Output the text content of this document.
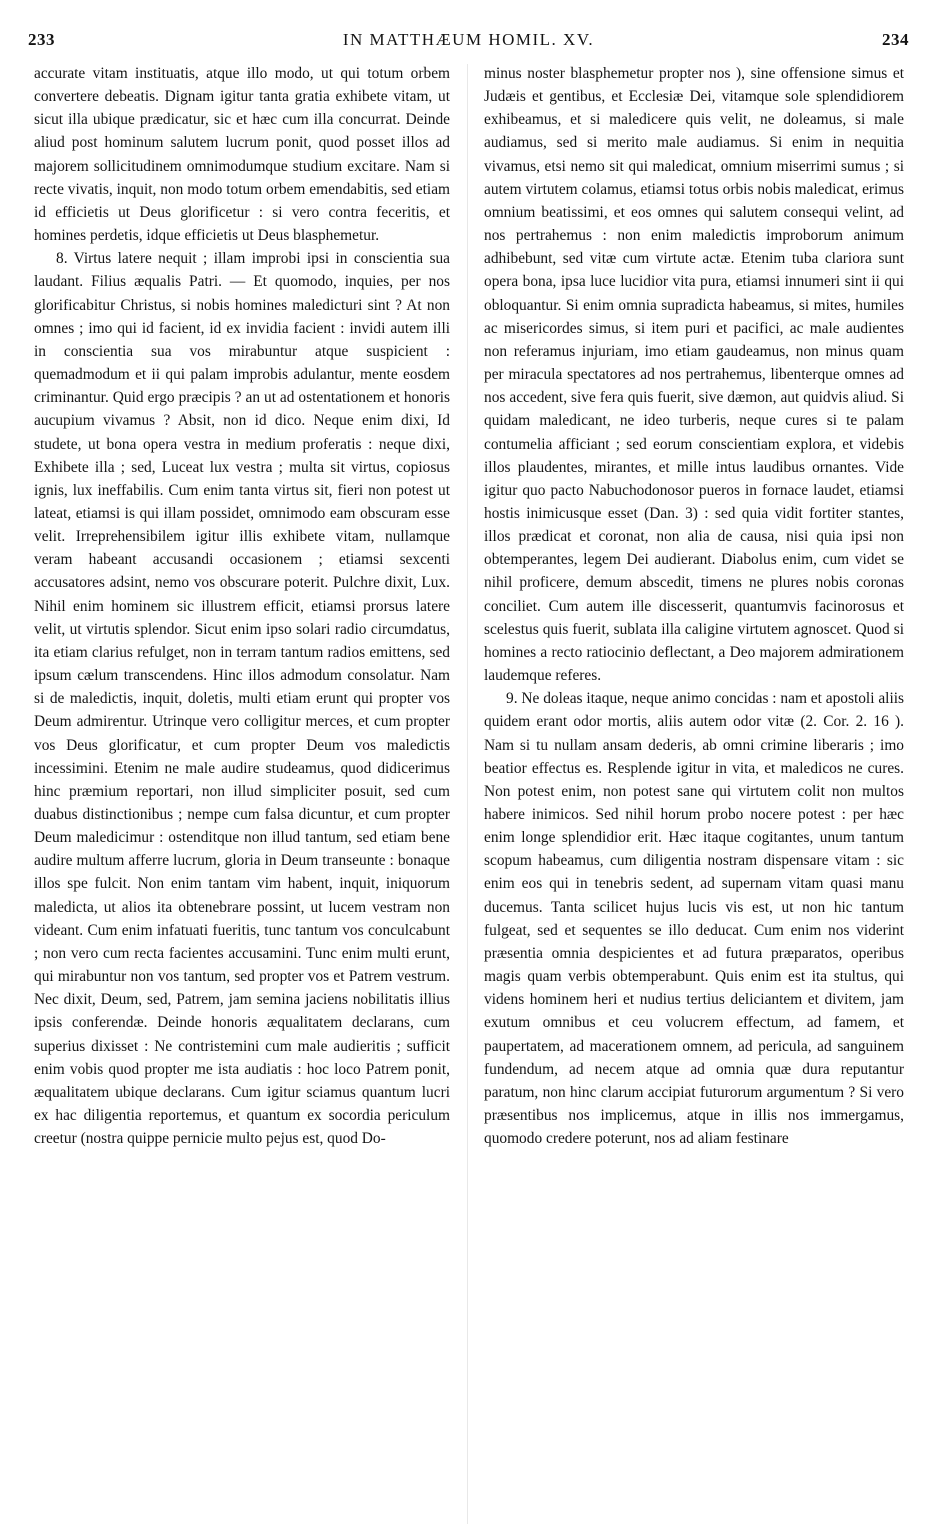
233	IN MATTHÆUM HOMIL. XV.	234

accurate vitam instituatis, atque illo modo, ut qui totum orbem convertere debeatis. Dignam igitur tanta gratia exhibete vitam, ut sicut illa ubique prædicatur, sic et hæc cum illa concurrat. Deinde aliud post hominum salutem lucrum ponit, quod posset illos ad majorem sollicitudinem omnimodumque studium excitare. Nam si recte vivatis, inquit, non modo totum orbem emendabitis, sed etiam id efficietis ut Deus glorificetur : si vero contra feceritis, et homines perdetis, idque efficietis ut Deus blasphemetur.

8. Virtus latere nequit ; illam improbi ipsi in conscientia sua laudant. Filius æqualis Patri. — Et quomodo, inquies, per nos glorificabitur Christus, si nobis homines maledicturi sint ? At non omnes ; imo qui id facient, id ex invidia facient : invidi autem illi in conscientia sua vos mirabuntur atque suspicient : quemadmodum et ii qui palam improbis adulantur, mente eosdem criminantur. Quid ergo præcipis ? an ut ad ostentationem et honoris aucupium vivamus ? Absit, non id dico. Neque enim dixi, Id studete, ut bona opera vestra in medium proferatis : neque dixi, Exhibete illa ; sed, Luceat lux vestra ; multa sit virtus, copiosus ignis, lux ineffabilis. Cum enim tanta virtus sit, fieri non potest ut lateat, etiamsi is qui illam possidet, omnimodo eam obscuram esse velit. Irreprehensibilem igitur illis exhibete vitam, nullamque veram habeant accusandi occasionem ; etiamsi sexcenti accusatores adsint, nemo vos obscurare poterit. Pulchre dixit, Lux. Nihil enim hominem sic illustrem efficit, etiamsi prorsus latere velit, ut virtutis splendor. Sicut enim ipso solari radio circumdatus, ita etiam clarius refulget, non in terram tantum radios emittens, sed ipsum cælum transcendens. Hinc illos admodum consolatur. Nam si de maledictis, inquit, doletis, multi etiam erunt qui propter vos Deum admirentur. Utrinque vero colligitur merces, et cum propter vos Deus glorificatur, et cum propter Deum vos maledictis incessimini. Etenim ne male audire studeamus, quod didicerimus hinc præmium reportari, non illud simpliciter posuit, sed cum duabus distinctionibus ; nempe cum falsa dicuntur, et cum propter Deum maledicimur : ostenditque non illud tantum, sed etiam bene audire multum afferre lucrum, gloria in Deum transeunte : bonaque illos spe fulcit. Non enim tantam vim habent, inquit, iniquorum maledicta, ut alios ita obtenebrare possint, ut lucem vestram non videant. Cum enim infatuati fueritis, tunc tantum vos conculcabunt ; non vero cum recta facientes accusamini. Tunc enim multi erunt, qui mirabuntur non vos tantum, sed propter vos et Patrem vestrum. Nec dixit, Deum, sed, Patrem, jam semina jaciens nobilitatis illius ipsis conferendæ. Deinde honoris æqualitatem declarans, cum superius dixisset : Ne contristemini cum male audieritis ; sufficit enim vobis quod propter me ista audiatis : hoc loco Patrem ponit, æqualitatem ubique declarans. Cum igitur sciamus quantum lucri ex hac diligentia reportemus, et quantum ex socordia periculum creetur (nostra quippe pernicie multo pejus est, quod Do-

minus noster blasphemetur propter nos ), sine offensione simus et Judæis et gentibus, et Ecclesiæ Dei, vitamque sole splendidiorem exhibeamus, et si maledicere quis velit, ne doleamus, si male audiamus, sed si merito male audiamus. Si enim in nequitia vivamus, etsi nemo sit qui maledicat, omnium miserrimi sumus ; si autem virtutem colamus, etiamsi totus orbis nobis maledicat, erimus omnium beatissimi, et eos omnes qui salutem consequi velint, ad nos pertrahemus : non enim maledictis improborum animum adhibebunt, sed vitæ cum virtute actæ. Etenim tuba clariora sunt opera bona, ipsa luce lucidior vita pura, etiamsi innumeri sint ii qui obloquantur. Si enim omnia supradicta habeamus, si mites, humiles ac misericordes simus, si item puri et pacifici, ac male audientes non referamus injuriam, imo etiam gaudeamus, non minus quam per miracula spectatores ad nos pertrahemus, libenterque omnes ad nos accedent, sive fera quis fuerit, sive dæmon, aut quidvis aliud. Si quidam maledicant, ne ideo turberis, neque cures si te palam contumelia afficiant ; sed eorum conscientiam explora, et videbis illos plaudentes, mirantes, et mille intus laudibus ornantes. Vide igitur quo pacto Nabuchodonosor pueros in fornace laudet, etiamsi hostis inimicusque esset (Dan. 3) : sed quia vidit fortiter stantes, illos prædicat et coronat, non alia de causa, nisi quia ipsi non obtemperantes, legem Dei audierant. Diabolus enim, cum videt se nihil proficere, demum abscedit, timens ne plures nobis coronas conciliet. Cum autem ille discesserit, quantumvis facinorosus et scelestus quis fuerit, sublata illa caligine virtutem agnoscet. Quod si homines a recto ratiocinio deflectant, a Deo majorem admirationem laudemque referes.

9. Ne doleas itaque, neque animo concidas : nam et apostoli aliis quidem erant odor mortis, aliis autem odor vitæ (2. Cor. 2. 16 ). Nam si tu nullam ansam dederis, ab omni crimine liberaris ; imo beatior effectus es. Resplende igitur in vita, et maledicos ne cures. Non potest enim, non potest sane qui virtutem colit non multos habere inimicos. Sed nihil horum probo nocere potest : per hæc enim longe splendidior erit. Hæc itaque cogitantes, unum tantum scopum habeamus, cum diligentia nostram dispensare vitam : sic enim eos qui in tenebris sedent, ad supernam vitam quasi manu ducemus. Tanta scilicet hujus lucis vis est, ut non hic tantum fulgeat, sed et sequentes se illo deducat. Cum enim nos viderint præsentia omnia despicientes et ad futura præparatos, operibus magis quam verbis obtemperabunt. Quis enim est ita stultus, qui videns hominem heri et nudius tertius deliciantem et divitem, jam exutum omnibus et ceu volucrem effectum, ad famem, et paupertatem, ad macerationem omnem, ad pericula, ad sanguinem fundendum, ad necem atque ad omnia quæ dura reputantur paratum, non hinc clarum accipiat futurorum argumentum ? Si vero præsentibus nos implicemus, atque in illis nos immergamus, quomodo credere poterunt, nos ad aliam festinare
